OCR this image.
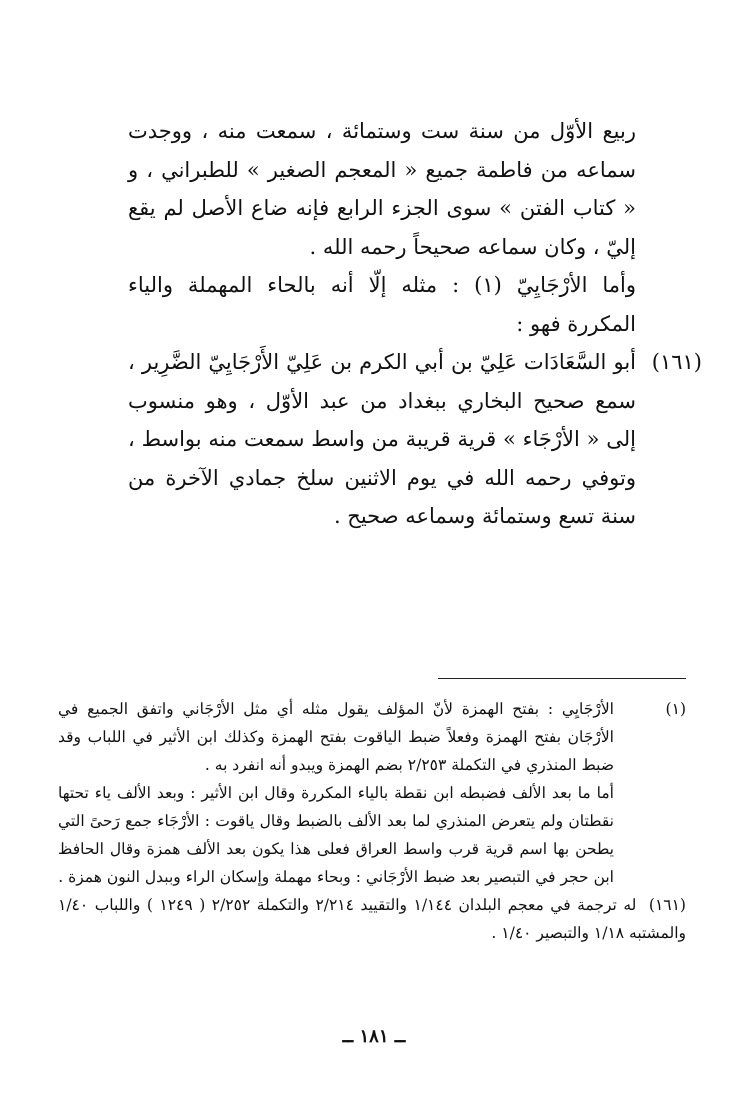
ربيع الأوّل من سنة ست وستمائة ، سمعت منه ، ووجدت سماعه من فاطمة جميع « المعجم الصغير » للطبراني ، و « كتاب الفتن » سوى الجزء الرابع فإنه ضاع الأصل لم يقع إليّ ، وكان سماعه صحيحاً رحمه الله .

وأما الأرْجَايِيّ (١) : مثله إلّا أنه بالحاء المهملة والياء المكررة فهو :

(١٦١)
أبو السَّعَادَات عَلِيّ بن أبي الكرم بن عَلِيّ الأَرْجَايِيّ الضَّرِير ، سمع صحيح البخاري ببغداد من عبد الأوّل ، وهو منسوب إلى « الأرْجَاء » قرية قريبة من واسط سمعت منه بواسط ، وتوفي رحمه الله في يوم الاثنين سلخ جمادي الآخرة من سنة تسع وستمائة وسماعه صحيح .
(١)
الأرْجَايِي : بفتح الهمزة لأنّ المؤلف يقول مثله أي مثل الأرْجَاني واتفق الجميع في الأرْجَان بفتح الهمزة وفعلاً ضبط الياقوت بفتح الهمزة وكذلك ابن الأثير في اللباب وقد ضبط المنذري في التكملة ٢/٢٥٣ بضم الهمزة ويبدو أنه انفرد به .
أما ما بعد الألف فضبطه ابن نقطة بالياء المكررة وقال ابن الأثير : وبعد الألف ياء تحتها نقطتان ولم يتعرض المنذري لما بعد الألف بالضبط وقال ياقوت : الأرْجَاء جمع رَحىً التي يطحن بها اسم قرية قرب واسط العراق فعلى هذا يكون بعد الألف همزة وقال الحافظ ابن حجر في التبصير بعد ضبط الأرْجَاني : وبحاء مهملة وإسكان الراء وببدل النون همزة .
(١٦١) له ترجمة في معجم البلدان ١/١٤٤ والتقييد ٢/٢١٤ والتكملة ٢/٢٥٢ ( ١٢٤٩ ) واللباب ١/٤٠ والمشتبه ١/١٨ والتبصير ١/٤٠ .
ــ ١٨١ ــ
